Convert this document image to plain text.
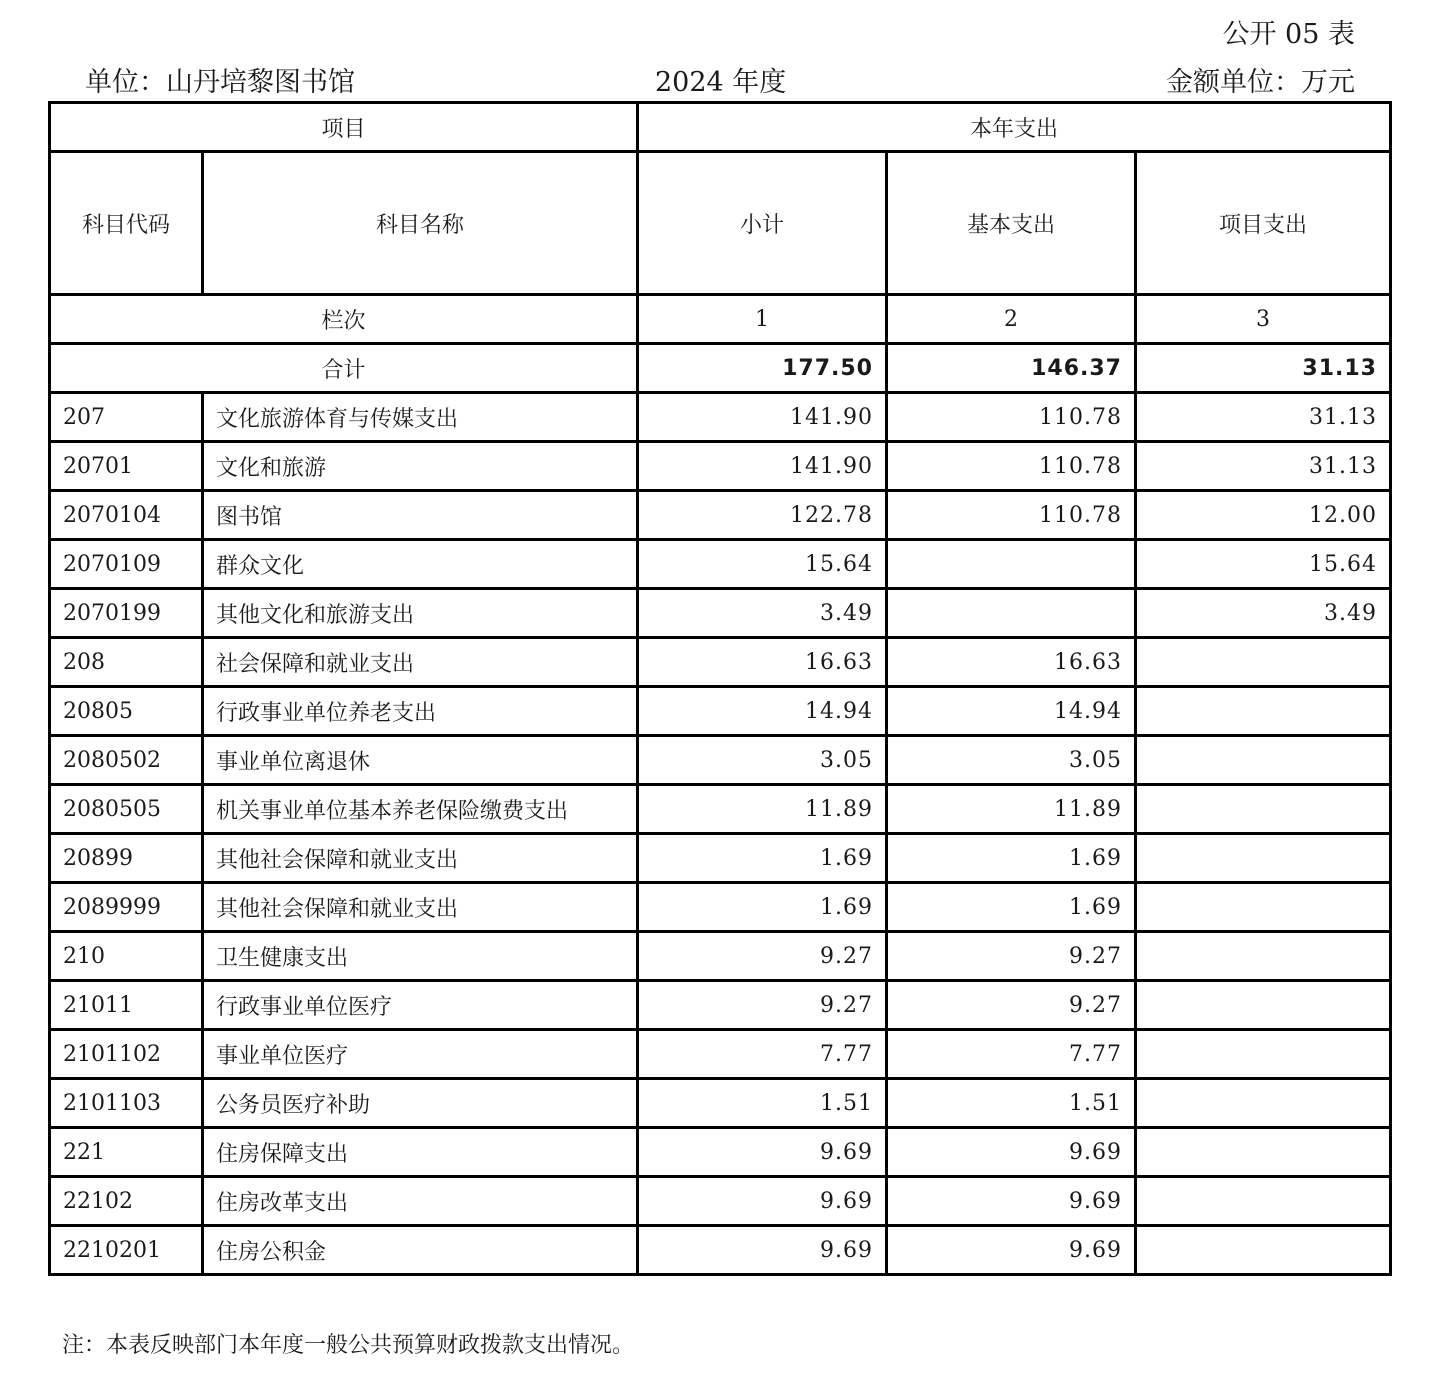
公开 05 表
单位：山丹培黎图书馆	2024 年度	金额单位：万元
项目		本年支出		
科目代码	科目名称	小计	基本支出	项目支出
栏次		1	2	3
合计		177.50	146.37	31.13
207	文化旅游体育与传媒支出	141.90	110.78	31.13
20701	文化和旅游	141.90	110.78	31.13
2070104	图书馆	122.78	110.78	12.00
2070109	群众文化	15.64		15.64
2070199	其他文化和旅游支出	3.49		3.49
208	社会保障和就业支出	16.63	16.63	
20805	行政事业单位养老支出	14.94	14.94	
2080502	事业单位离退休	3.05	3.05	
2080505	机关事业单位基本养老保险缴费支出	11.89	11.89	
20899	其他社会保障和就业支出	1.69	1.69	
2089999	其他社会保障和就业支出	1.69	1.69	
210	卫生健康支出	9.27	9.27	
21011	行政事业单位医疗	9.27	9.27	
2101102	事业单位医疗	7.77	7.77	
2101103	公务员医疗补助	1.51	1.51	
221	住房保障支出	9.69	9.69	
22102	住房改革支出	9.69	9.69	
2210201	住房公积金	9.69	9.69	
注：本表反映部门本年度一般公共预算财政拨款支出情况。
